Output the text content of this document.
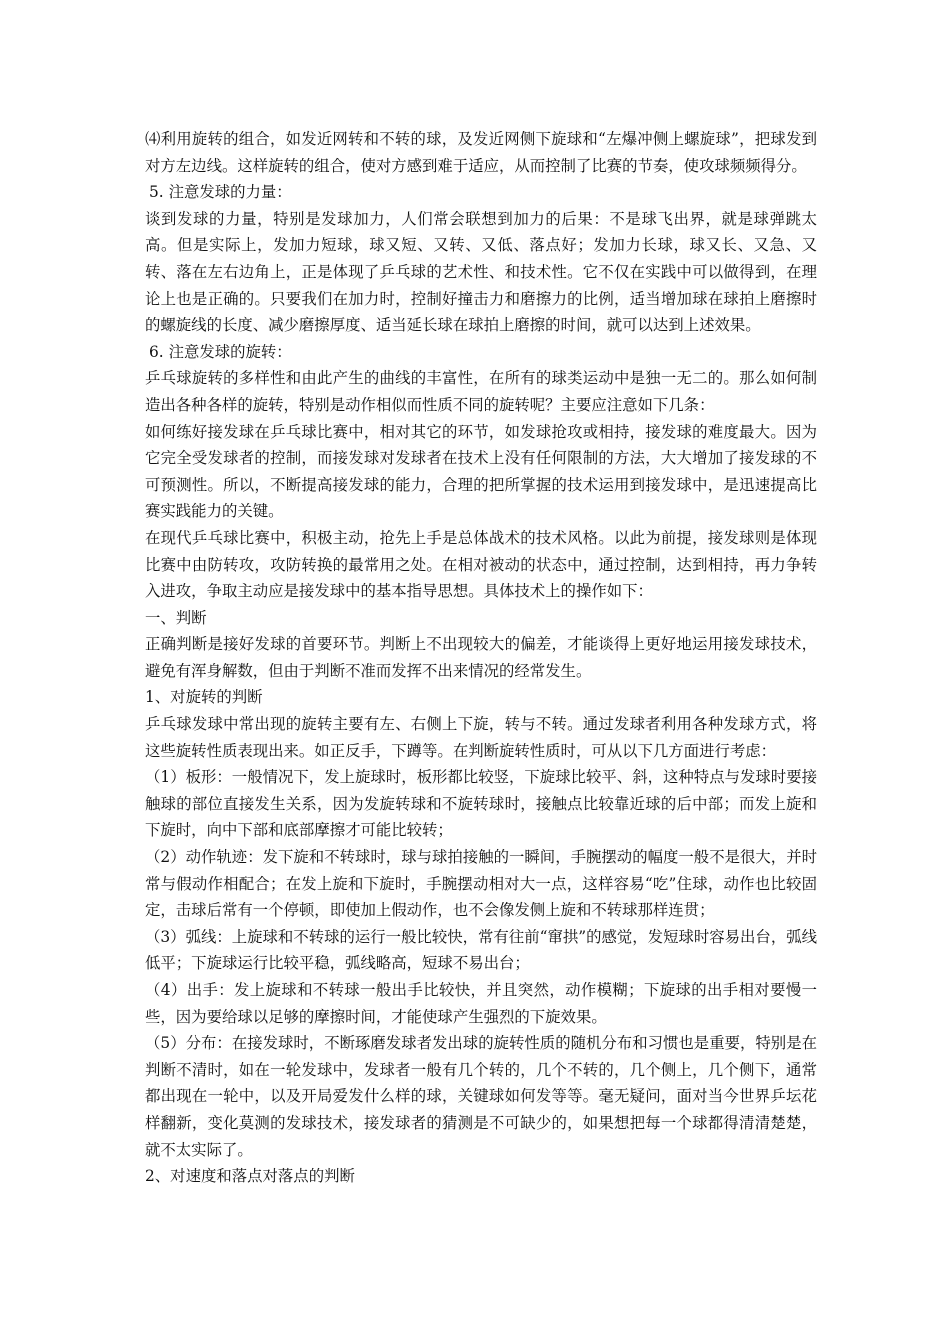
⑷利用旋转的组合，如发近网转和不转的球，及发近网侧下旋球和“左爆冲侧上螺旋球”，把球发到对方左边线。这样旋转的组合，使对方感到难于适应，从而控制了比赛的节奏，使攻球频频得分。

5. 注意发球的力量：

谈到发球的力量，特别是发球加力，人们常会联想到加力的后果：不是球飞出界，就是球弹跳太高。但是实际上，发加力短球，球又短、又转、又低、落点好；发加力长球，球又长、又急、又转、落在左右边角上，正是体现了乒乓球的艺术性、和技术性。它不仅在实践中可以做得到，在理论上也是正确的。只要我们在加力时，控制好撞击力和磨擦力的比例，适当增加球在球拍上磨擦时的螺旋线的长度、减少磨擦厚度、适当延长球在球拍上磨擦的时间，就可以达到上述效果。

6. 注意发球的旋转：

乒乓球旋转的多样性和由此产生的曲线的丰富性，在所有的球类运动中是独一无二的。那么如何制造出各种各样的旋转，特别是动作相似而性质不同的旋转呢？主要应注意如下几条：

如何练好接发球在乒乓球比赛中，相对其它的环节，如发球抢攻或相持，接发球的难度最大。因为它完全受发球者的控制，而接发球对发球者在技术上没有任何限制的方法，大大增加了接发球的不可预测性。所以，不断提高接发球的能力，合理的把所掌握的技术运用到接发球中，是迅速提高比赛实践能力的关键。

在现代乒乓球比赛中，积极主动，抢先上手是总体战术的技术风格。以此为前提，接发球则是体现比赛中由防转攻，攻防转换的最常用之处。在相对被动的状态中，通过控制，达到相持，再力争转入进攻，争取主动应是接发球中的基本指导思想。具体技术上的操作如下：

一、判断

正确判断是接好发球的首要环节。判断上不出现较大的偏差，才能谈得上更好地运用接发球技术，避免有浑身解数，但由于判断不准而发挥不出来情况的经常发生。

1、对旋转的判断

乒乓球发球中常出现的旋转主要有左、右侧上下旋，转与不转。通过发球者利用各种发球方式，将这些旋转性质表现出来。如正反手，下蹲等。在判断旋转性质时，可从以下几方面进行考虑：

（1）板形：一般情况下，发上旋球时，板形都比较竖，下旋球比较平、斜，这种特点与发球时要接触球的部位直接发生关系，因为发旋转球和不旋转球时，接触点比较靠近球的后中部；而发上旋和下旋时，向中下部和底部摩擦才可能比较转；

（2）动作轨迹：发下旋和不转球时，球与球拍接触的一瞬间，手腕摆动的幅度一般不是很大，并时常与假动作相配合；在发上旋和下旋时，手腕摆动相对大一点，这样容易“吃”住球，动作也比较固定，击球后常有一个停顿，即使加上假动作，也不会像发侧上旋和不转球那样连贯；

（3）弧线：上旋球和不转球的运行一般比较快，常有往前“窜拱”的感觉，发短球时容易出台，弧线低平；下旋球运行比较平稳，弧线略高，短球不易出台；

（4）出手：发上旋球和不转球一般出手比较快，并且突然，动作模糊；下旋球的出手相对要慢一些，因为要给球以足够的摩擦时间，才能使球产生强烈的下旋效果。

（5）分布：在接发球时，不断琢磨发球者发出球的旋转性质的随机分布和习惯也是重要，特别是在判断不清时，如在一轮发球中，发球者一般有几个转的，几个不转的，几个侧上，几个侧下，通常都出现在一轮中，以及开局爱发什么样的球，关键球如何发等等。毫无疑问，面对当今世界乒坛花样翻新，变化莫测的发球技术，接发球者的猜测是不可缺少的，如果想把每一个球都得清清楚楚，就不太实际了。

2、对速度和落点对落点的判断
